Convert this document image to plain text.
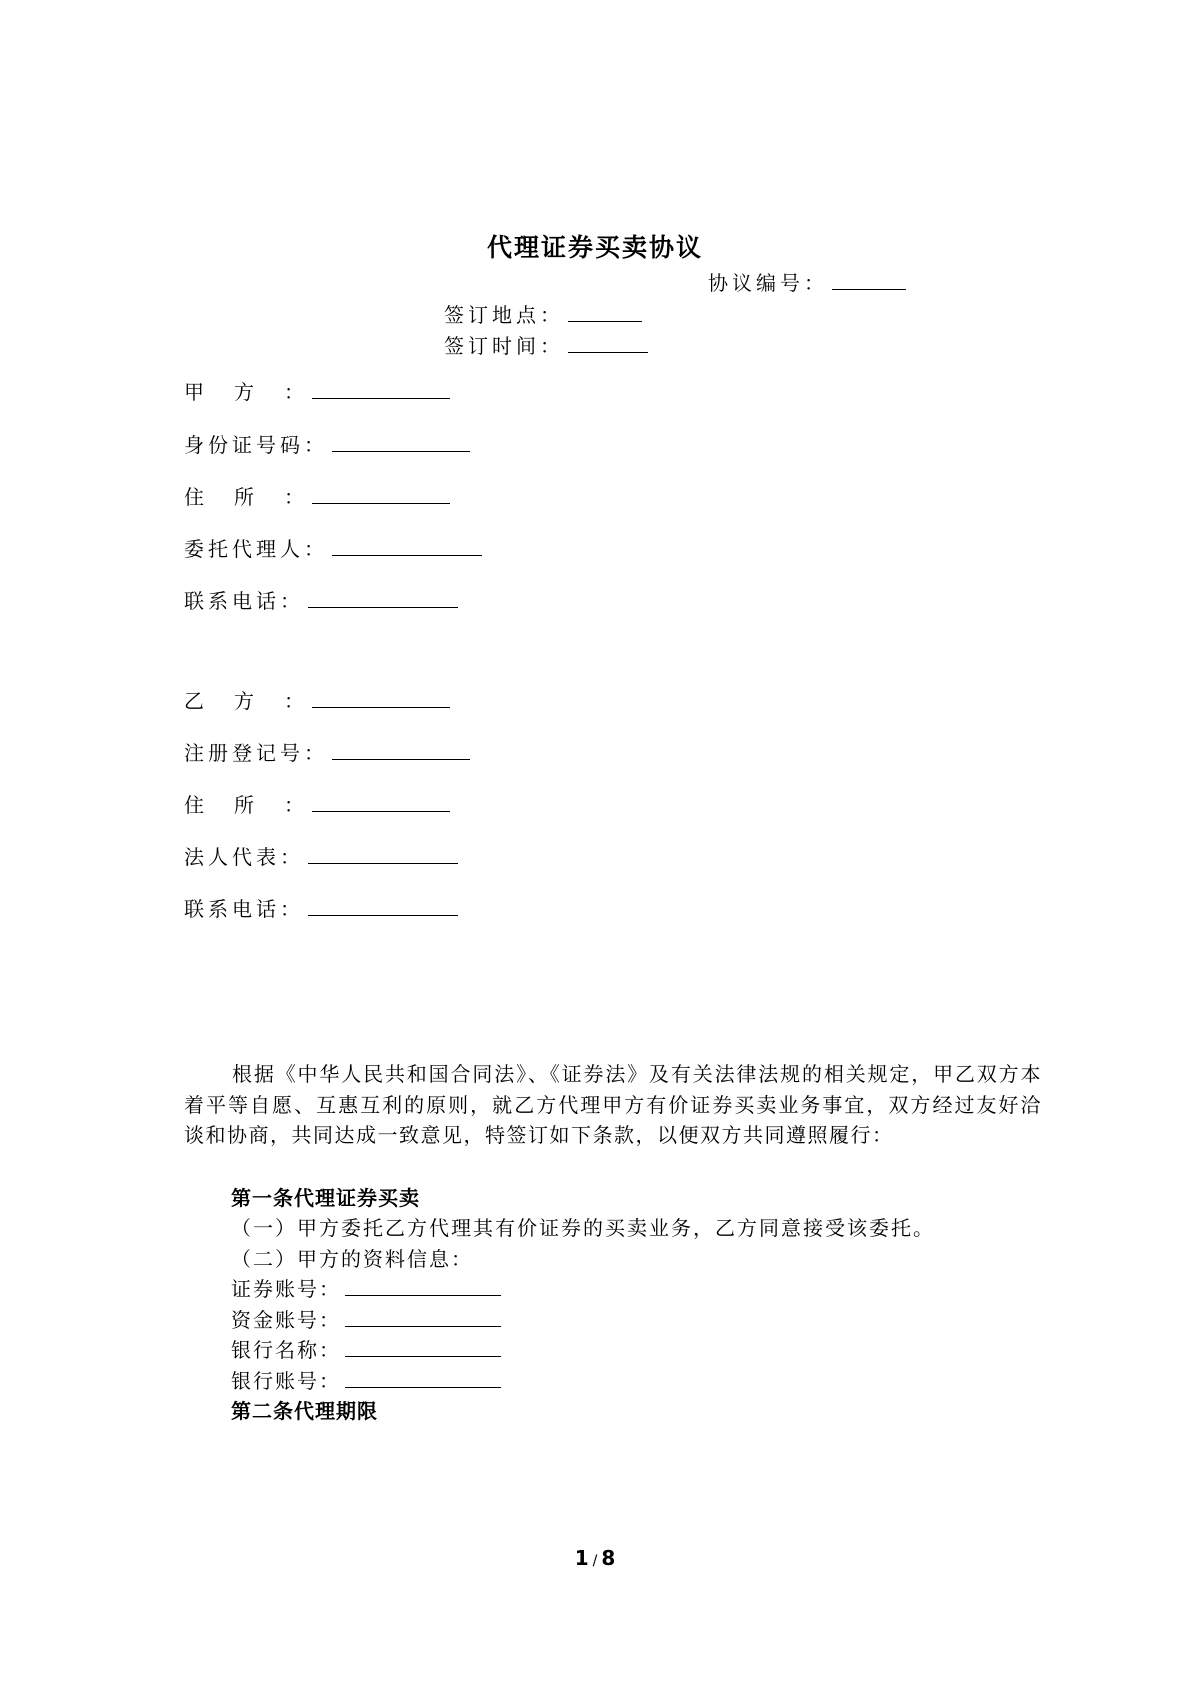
代理证券买卖协议
协议编号：
签订地点：
签订时间：
甲方：
身份证号码：
住所：
委托代理人：
联系电话：
乙方：
注册登记号：
住所：
法人代表：
联系电话：
根据《中华人民共和国合同法》、《证券法》及有关法律法规的相关规定，甲乙双方本着平等自愿、互惠互利的原则，就乙方代理甲方有价证券买卖业务事宜，双方经过友好洽谈和协商，共同达成一致意见，特签订如下条款，以便双方共同遵照履行：
第一条代理证券买卖
（一）甲方委托乙方代理其有价证券的买卖业务，乙方同意接受该委托。
（二）甲方的资料信息：
证券账号：
资金账号：
银行名称：
银行账号：
第二条代理期限
1 / 8
